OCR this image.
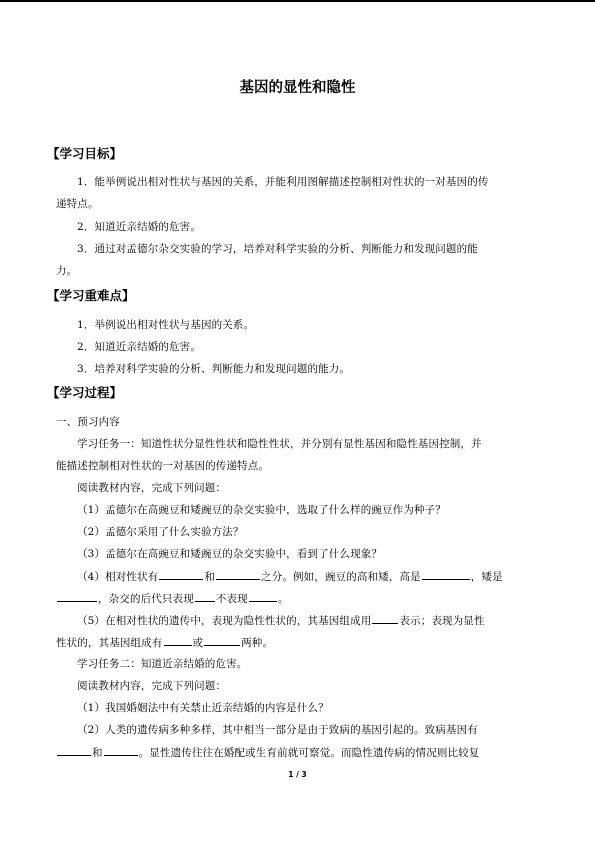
基因的显性和隐性
【学习目标】
1．能举例说出相对性状与基因的关系，并能利用图解描述控制相对性状的一对基因的传
递特点。
2．知道近亲结婚的危害。
3．通过对孟德尔杂交实验的学习，培养对科学实验的分析、判断能力和发现问题的能
力。
【学习重难点】
1．举例说出相对性状与基因的关系。
2．知道近亲结婚的危害。
3．培养对科学实验的分析、判断能力和发现问题的能力。
【学习过程】
一、预习内容
学习任务一：知道性状分显性性状和隐性性状，并分别有显性基因和隐性基因控制，并
能描述控制相对性状的一对基因的传递特点。
阅读教材内容，完成下列问题：
（1）孟德尔在高豌豆和矮豌豆的杂交实验中，选取了什么样的豌豆作为种子？
（2）孟德尔采用了什么实验方法？
（3）孟德尔在高豌豆和矮豌豆的杂交实验中，看到了什么现象？
（4）相对性状有	和	之分。例如，豌豆的高和矮，高是	，矮是
，杂交的后代只表现 不表现	。
（5）在相对性状的遗传中，表现为隐性性状的，其基因组成用	表示；表现为显性
性状的，其基因组成有	或	两种。
学习任务二：知道近亲结婚的危害。
阅读教材内容，完成下列问题：
（1）我国婚姻法中有关禁止近亲结婚的内容是什么？
（2）人类的遗传病多种多样，其中相当一部分是由于致病的基因引起的。致病基因有
和	。显性遗传往往在婚配或生育前就可察觉。而隐性遗传病的情况则比较复
1 / 3
